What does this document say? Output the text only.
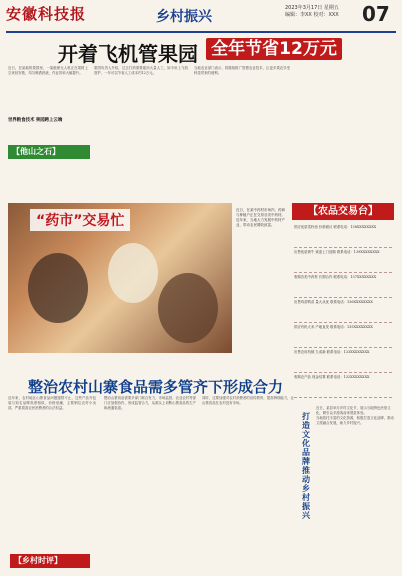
安徽科技报	乡村振兴
2023年3月17日 星期五
编辑：李XX 校对：XXX 07
开着飞机管果园 全年节省12万元

近日，在某地的果园里，一架植保无人机正在果树上空来回穿梭，均匀喷洒药液，作业效率大幅提升。

果园负责人介绍，过去打药需要雇用大量人工，如今用上飞机管护，一年可以节省人工成本约12万元。

当地农业部门表示，将继续推广智慧农业技术，让更多果农享受科技带来的便利。

世界粮食技术 果园跨上云端
【他山之石】
“药市”交易忙
近日，在某中药材市场内，药商与种植户正在交易各类中药材。近年来，当地大力发展中药材产业，带动农民增收致富。
【农品交易台】
供应优质菜籽油 价格面议 联系电话：138XXXXXXXX
出售优质黄牛 欢迎上门选购 联系电话：139XXXXXXXX
收购各类中药材 长期合作 联系电话：137XXXXXXXX
出售鸡苗鸭苗 量大从优 联系电话：136XXXXXXXX
供应有机大米 产地直发 联系电话：135XXXXXXXX
出售农用机械 九成新 联系电话：133XXXXXXXX
收购农产品 现金结算 联系电话：132XXXXXXXX
整治农村山寨食品需多管齐下形成合力

近年来，农村地区山寨食品问题屡禁不止，这些产品外包装与知名品牌高度相似，价格低廉，主要销往农村小卖部，严重损害农民消费者的合法权益。

整治山寨食品需要多部门联合发力，市场监管、农业农村等部门应加强协作，形成监管合力，从源头上切断山寨食品的生产和流通渠道。

同时，还要加强对农村消费者的宣传教育，提高辨别能力，让山寨食品在农村没有市场。

【乡村时评】
打造文化品牌 推动乡村振兴

近日，某县举办乡村文化节，展示当地特色民俗文化，吸引众多游客前来观赏体验。

当地依托丰富的文化资源，积极打造文化品牌，推动文旅融合发展，助力乡村振兴。
